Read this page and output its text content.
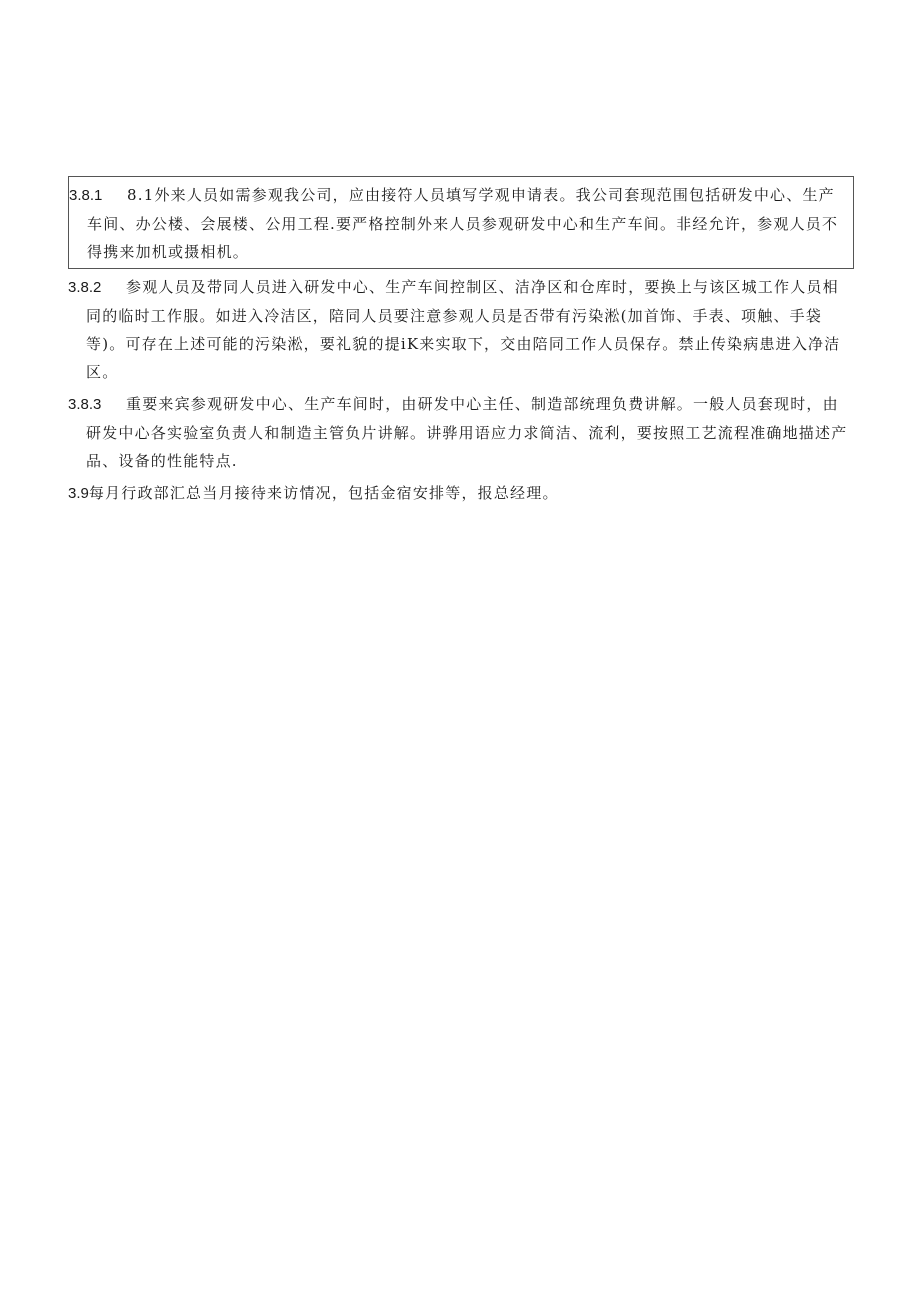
3.8.1 8.1外来人员如需参观我公司，应由接符人员填写学观申请表。我公司套现范围包括研发中心、生产车间、办公楼、会展楼、公用工程.要严格控制外来人员参观研发中心和生产车间。非经允许，参观人员不得携来加机或摄相机。
3.8.2 参观人员及带同人员进入研发中心、生产车间控制区、洁净区和仓库时，要换上与该区城工作人员相同的临时工作服。如进入冷洁区，陪同人员要注意参观人员是否带有污染淞(加首饰、手表、项触、手袋等)。可存在上述可能的污染淞，要礼貌的提iK来实取下，交由陪同工作人员保存。禁止传染病患进入净洁区。
3.8.3 重要来宾参观研发中心、生产车间时，由研发中心主任、制造部统理负费讲解。一般人员套现时，由研发中心各实验室负责人和制造主管负片讲解。讲骅用语应力求简洁、流利，要按照工艺流程准确地描述产品、设备的性能特点.
3.9每月行政部汇总当月接待来访情况，包括金宿安排等，报总经理。
